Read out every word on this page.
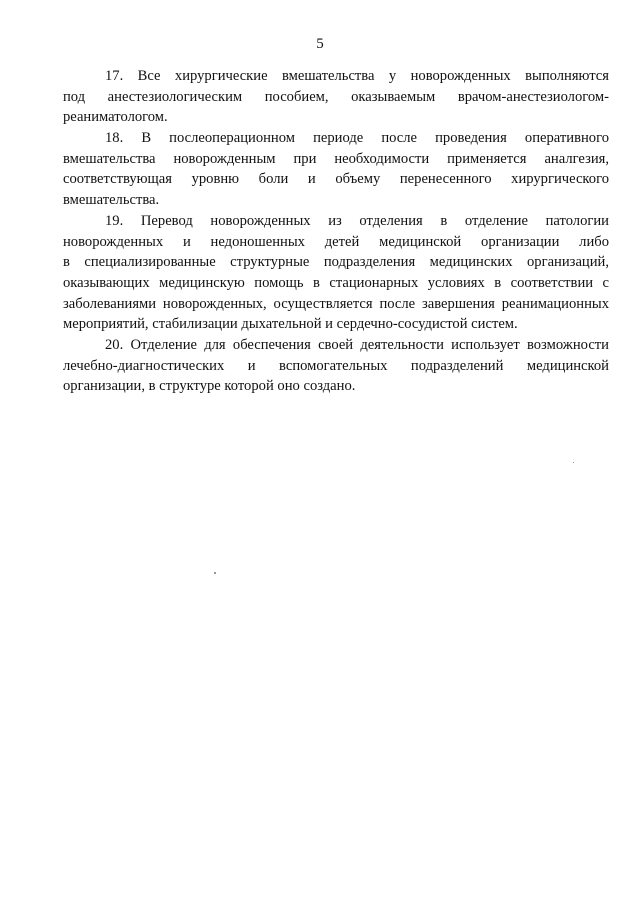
5
17. Все хирургические вмешательства у новорожденных выполняются
под анестезиологическим пособием, оказываемым врачом-анестезиологом-
реаниматологом.
18. В послеоперационном периоде после проведения оперативного
вмешательства новорожденным при необходимости применяется аналгезия,
соответствующая уровню боли и объему перенесенного хирургического
вмешательства.
19. Перевод новорожденных из отделения в отделение патологии
новорожденных и недоношенных детей медицинской организации либо
в специализированные структурные подразделения медицинских организаций,
оказывающих медицинскую помощь в стационарных условиях в соответствии с
заболеваниями новорожденных, осуществляется после завершения реанимационных
мероприятий, стабилизации дыхательной и сердечно-сосудистой систем.
20. Отделение для обеспечения своей деятельности использует возможности
лечебно-диагностических и вспомогательных подразделений медицинской
организации, в структуре которой оно создано.
